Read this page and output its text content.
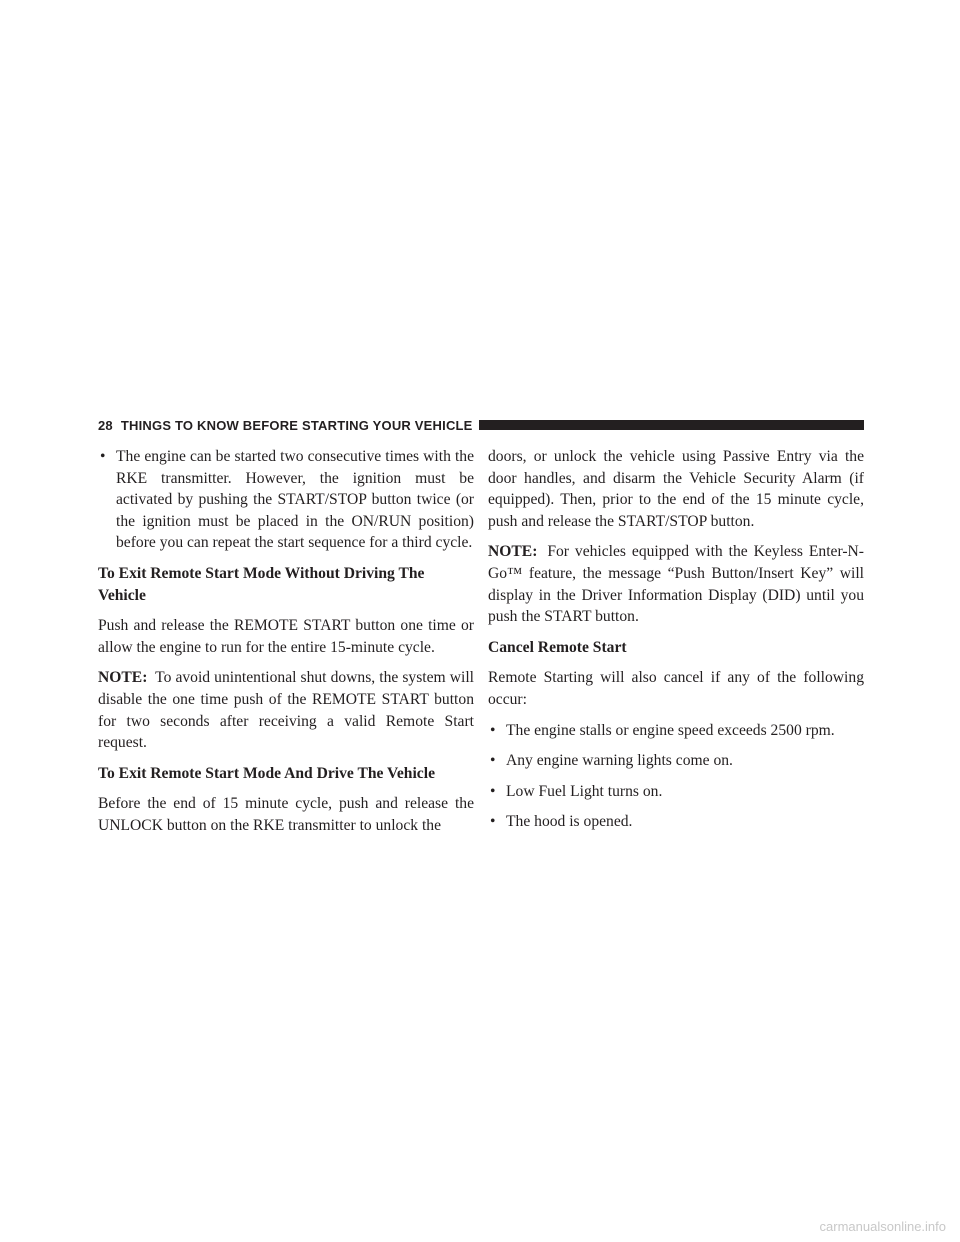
28 THINGS TO KNOW BEFORE STARTING YOUR VEHICLE
• The engine can be started two consecutive times with the RKE transmitter. However, the ignition must be activated by pushing the START/STOP button twice (or the ignition must be placed in the ON/RUN position) before you can repeat the start sequence for a third cycle.
To Exit Remote Start Mode Without Driving The Vehicle

Push and release the REMOTE START button one time or allow the engine to run for the entire 15-minute cycle.

NOTE: To avoid unintentional shut downs, the system will disable the one time push of the REMOTE START button for two seconds after receiving a valid Remote Start request.

To Exit Remote Start Mode And Drive The Vehicle

Before the end of 15 minute cycle, push and release the UNLOCK button on the RKE transmitter to unlock the

doors, or unlock the vehicle using Passive Entry via the door handles, and disarm the Vehicle Security Alarm (if equipped). Then, prior to the end of the 15 minute cycle, push and release the START/STOP button.

NOTE: For vehicles equipped with the Keyless Enter-N-Go™ feature, the message “Push Button/Insert Key” will display in the Driver Information Display (DID) until you push the START button.

Cancel Remote Start

Remote Starting will also cancel if any of the following occur:

• The engine stalls or engine speed exceeds 2500 rpm.
• Any engine warning lights come on.
• Low Fuel Light turns on.
• The hood is opened.
carmanualsonline.info
